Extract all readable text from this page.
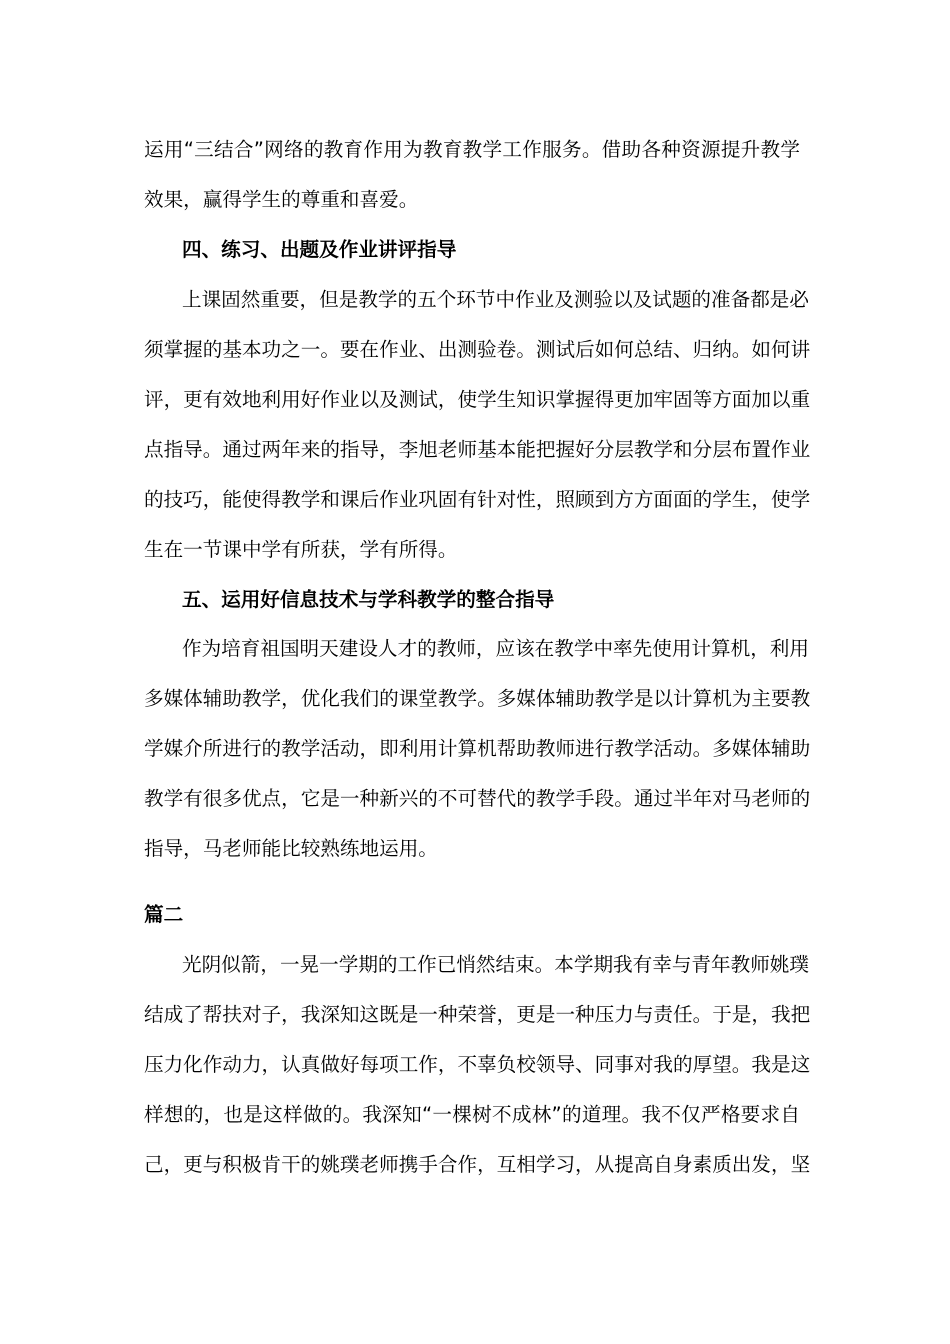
运用“三结合”网络的教育作用为教育教学工作服务。借助各种资源提升教学
效果，赢得学生的尊重和喜爱。
四、练习、出题及作业讲评指导
上课固然重要，但是教学的五个环节中作业及测验以及试题的准备都是必
须掌握的基本功之一。要在作业、出测验卷。测试后如何总结、归纳。如何讲
评，更有效地利用好作业以及测试，使学生知识掌握得更加牢固等方面加以重
点指导。通过两年来的指导，李旭老师基本能把握好分层教学和分层布置作业
的技巧，能使得教学和课后作业巩固有针对性，照顾到方方面面的学生，使学
生在一节课中学有所获，学有所得。
五、运用好信息技术与学科教学的整合指导
作为培育祖国明天建设人才的教师，应该在教学中率先使用计算机，利用
多媒体辅助教学，优化我们的课堂教学。多媒体辅助教学是以计算机为主要教
学媒介所进行的教学活动，即利用计算机帮助教师进行教学活动。多媒体辅助
教学有很多优点，它是一种新兴的不可替代的教学手段。通过半年对马老师的
指导，马老师能比较熟练地运用。
篇二
光阴似箭，一晃一学期的工作已悄然结束。本学期我有幸与青年教师姚璞
结成了帮扶对子，我深知这既是一种荣誉，更是一种压力与责任。于是，我把
压力化作动力，认真做好每项工作，不辜负校领导、同事对我的厚望。我是这
样想的，也是这样做的。我深知“一棵树不成林”的道理。我不仅严格要求自
己，更与积极肯干的姚璞老师携手合作，互相学习，从提高自身素质出发，坚
